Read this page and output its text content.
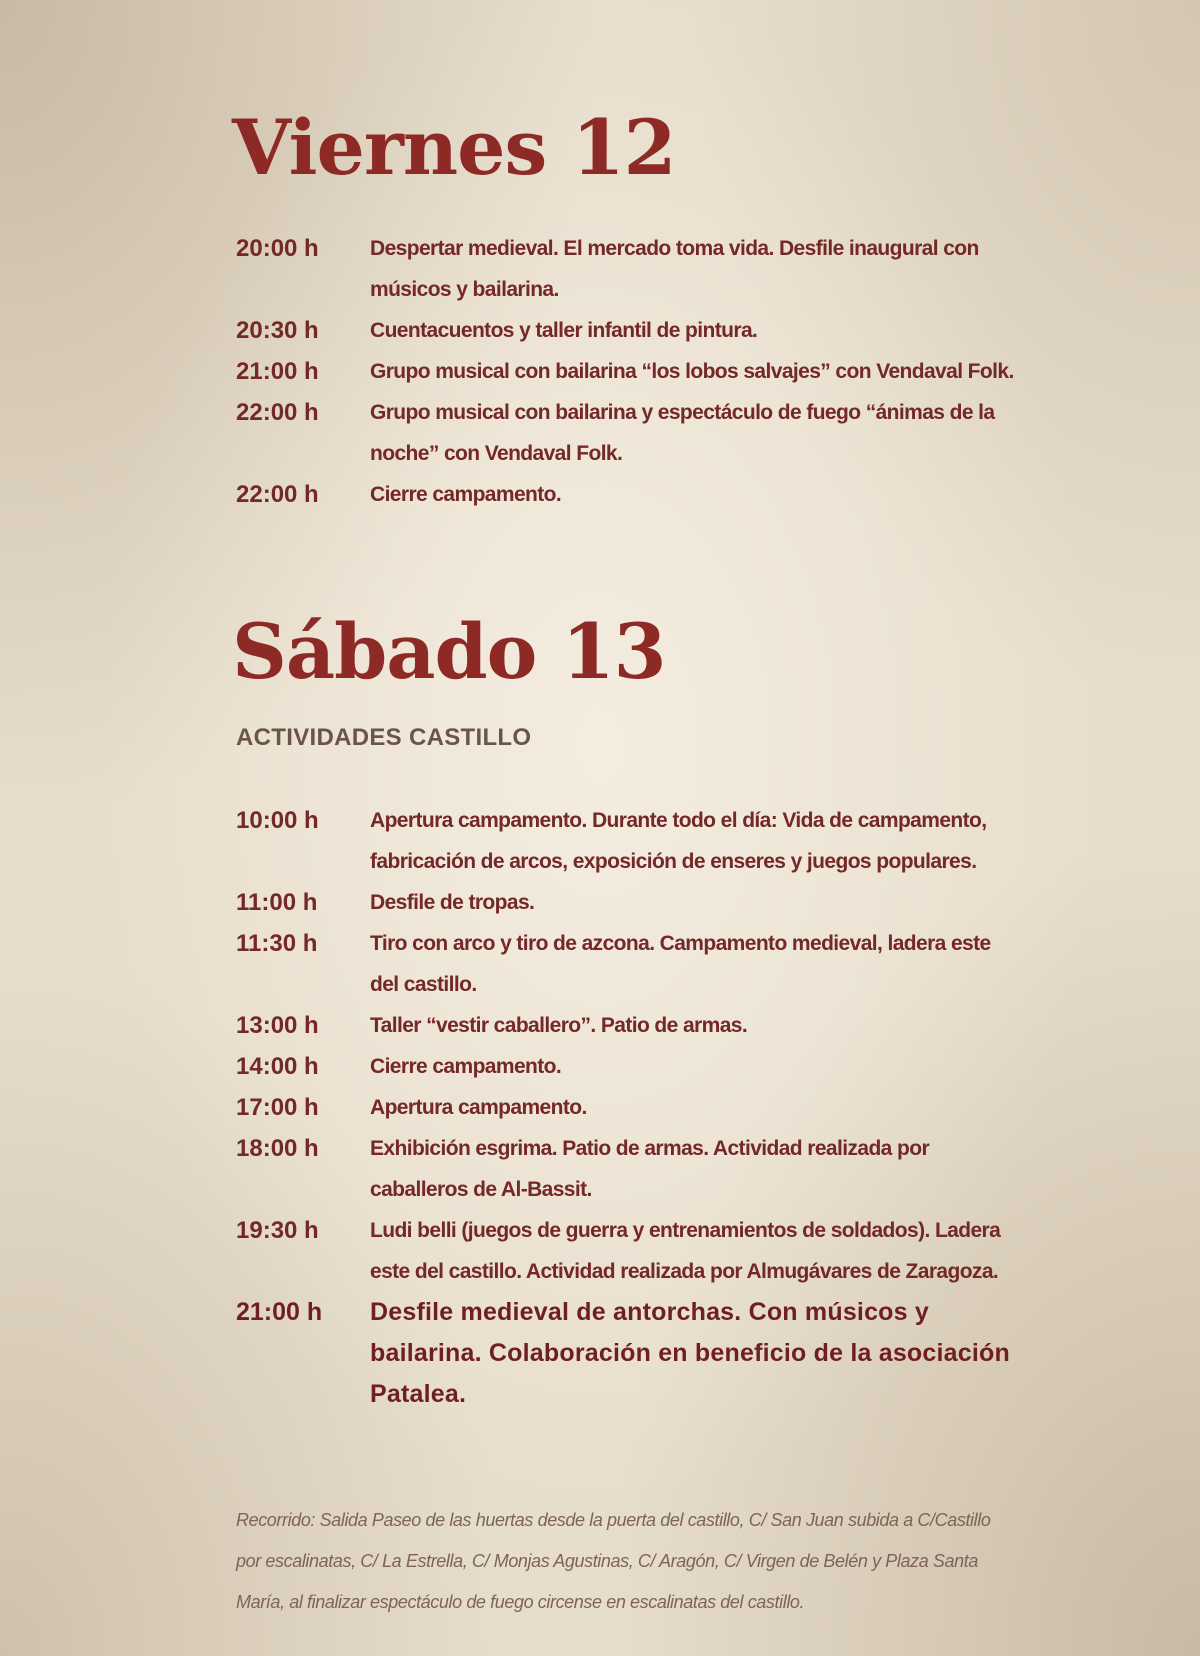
Viernes 12
20:00 h	Despertar medieval. El mercado toma vida. Desfile inaugural con músicos y bailarina.
20:30 h	Cuentacuentos y taller infantil de pintura.
21:00 h	Grupo musical con bailarina “los lobos salvajes” con Vendaval Folk.
22:00 h	Grupo musical con bailarina y espectáculo de fuego “ánimas de la noche” con Vendaval Folk.
22:00 h	Cierre campamento.
Sábado 13
ACTIVIDADES CASTILLO
10:00 h	Apertura campamento. Durante todo el día: Vida de campamento, fabricación de arcos, exposición de enseres y juegos populares.
11:00 h	Desfile de tropas.
11:30 h	Tiro con arco y tiro de azcona. Campamento medieval, ladera este del castillo.
13:00 h	Taller “vestir caballero”. Patio de armas.
14:00 h	Cierre campamento.
17:00 h	Apertura campamento.
18:00 h	Exhibición esgrima. Patio de armas. Actividad realizada por caballeros de Al-Bassit.
19:30 h	Ludi belli (juegos de guerra y entrenamientos de soldados). Ladera este del castillo. Actividad realizada por Almugávares de Zaragoza.
21:00 h	Desfile medieval de antorchas. Con músicos y bailarina. Colaboración en beneficio de la asociación Patalea.

Recorrido: Salida Paseo de las huertas desde la puerta del castillo, C/ San Juan subida a C/Castillo por escalinatas, C/ La Estrella, C/ Monjas Agustinas, C/ Aragón, C/ Virgen de Belén y Plaza Santa María, al finalizar espectáculo de fuego circense en escalinatas del castillo.
